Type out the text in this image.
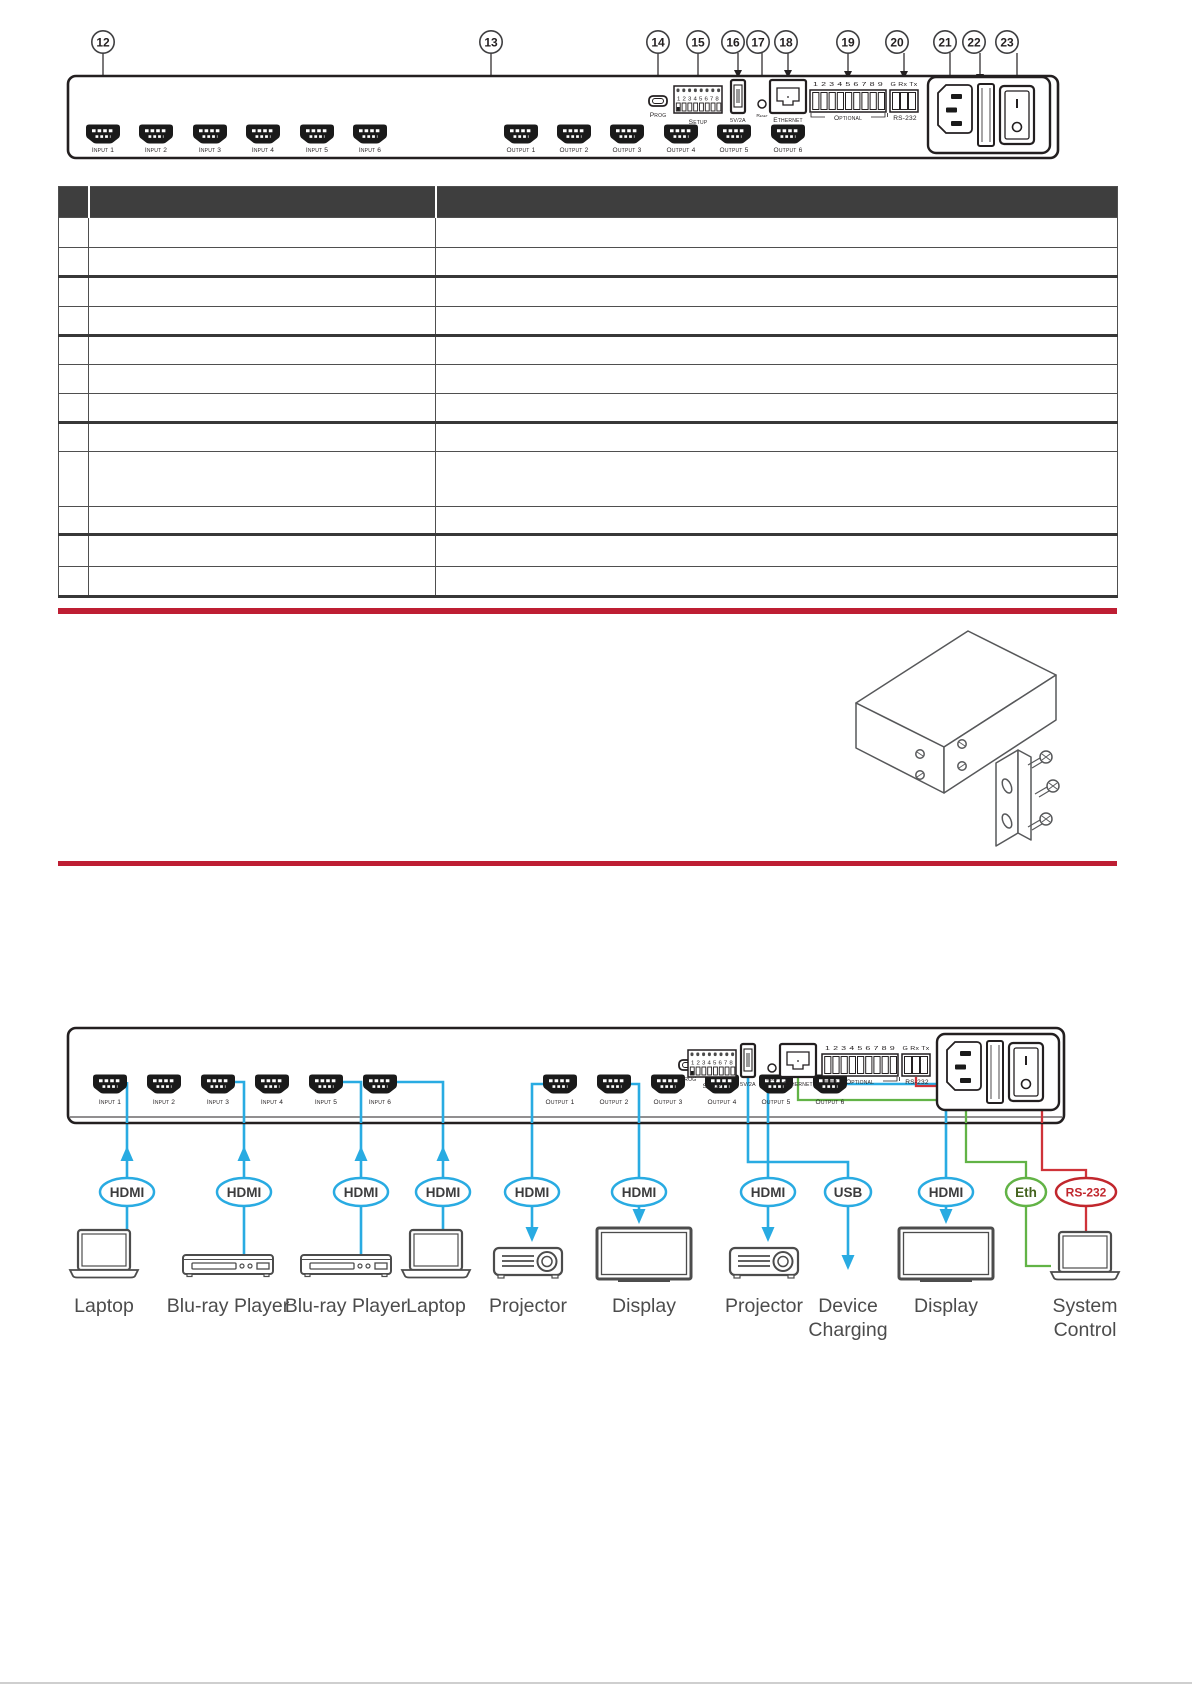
12	13	14 15 16 17 18	19	20	21 22 23
Input 1	Input 2	Input 3	Input 4	Input 5	Input 6	Output 1	Output 2	Output 3	Output 4	Output 5	Output 6

Input 1	Input 2	Input 3	Input 4	Input 5	Input 6	Output 1	Output 2	Output 3	Output 4	Output 5	Output 6
HDMI	HDMI	HDMI	HDMI	HDMI	HDMI	HDMI	USB	HDMI	Eth RS-232
Laptop Blu-ray Player
Blu-ray Player
Laptop Projector Display	Projector Device
Charging
Display	System
Control
